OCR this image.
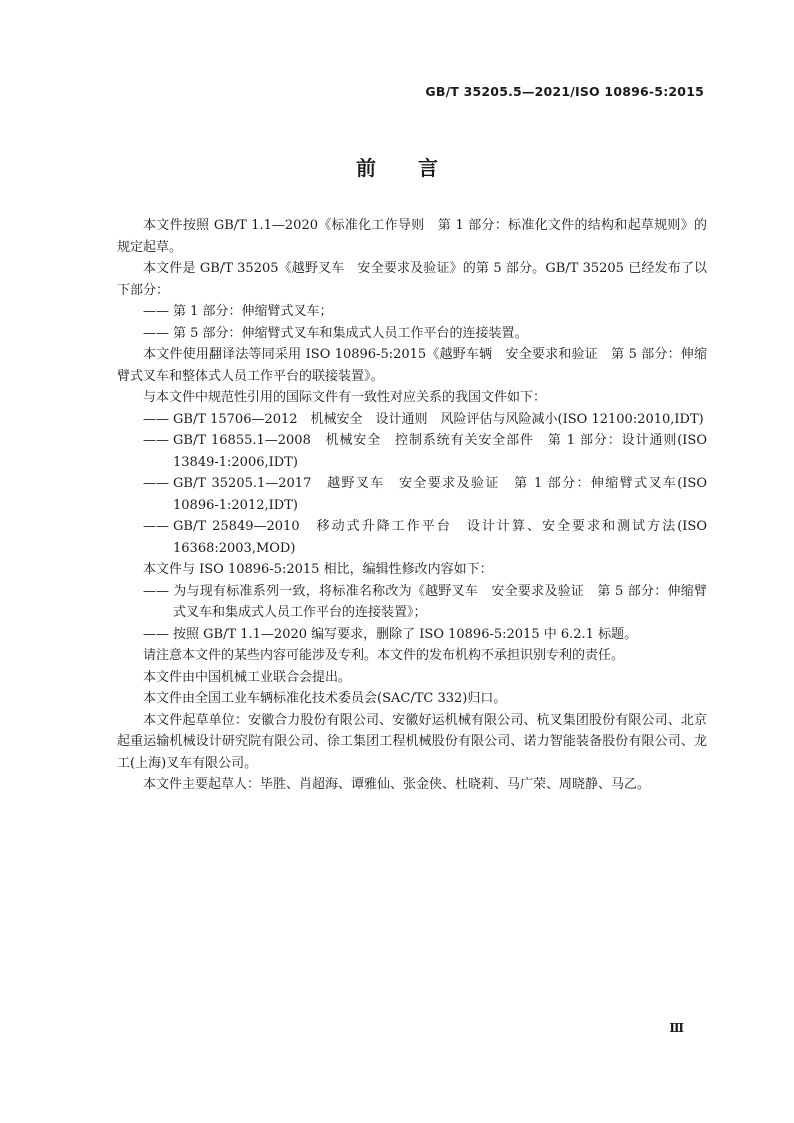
GB/T 35205.5—2021/ISO 10896-5:2015
前言

本文件按照 GB/T 1.1—2020《标准化工作导则　第 1 部分：标准化文件的结构和起草规则》的规定起草。

本文件是 GB/T 35205《越野叉车　安全要求及验证》的第 5 部分。GB/T 35205 已经发布了以下部分：

—— 第 1 部分：伸缩臂式叉车；

—— 第 5 部分：伸缩臂式叉车和集成式人员工作平台的连接装置。

本文件使用翻译法等同采用 ISO 10896-5:2015《越野车辆　安全要求和验证　第 5 部分：伸缩臂式叉车和整体式人员工作平台的联接装置》。

与本文件中规范性引用的国际文件有一致性对应关系的我国文件如下：

—— GB/T 15706—2012　机械安全　设计通则　风险评估与风险减小(ISO 12100:2010,IDT)

—— GB/T 16855.1—2008　机械安全　控制系统有关安全部件　第 1 部分：设计通则(ISO 13849-1:2006,IDT)

—— GB/T 35205.1—2017　越野叉车　安全要求及验证　第 1 部分：伸缩臂式叉车(ISO 10896-1:2012,IDT)

—— GB/T 25849—2010　移动式升降工作平台　设计计算、安全要求和测试方法(ISO 16368:2003,MOD)

本文件与 ISO 10896-5:2015 相比，编辑性修改内容如下：

—— 为与现有标准系列一致，将标准名称改为《越野叉车　安全要求及验证　第 5 部分：伸缩臂式叉车和集成式人员工作平台的连接装置》；

—— 按照 GB/T 1.1—2020 编写要求，删除了 ISO 10896-5:2015 中 6.2.1 标题。

请注意本文件的某些内容可能涉及专利。本文件的发布机构不承担识别专利的责任。

本文件由中国机械工业联合会提出。

本文件由全国工业车辆标准化技术委员会(SAC/TC 332)归口。

本文件起草单位：安徽合力股份有限公司、安徽好运机械有限公司、杭叉集团股份有限公司、北京起重运输机械设计研究院有限公司、徐工集团工程机械股份有限公司、诺力智能装备股份有限公司、龙工(上海)叉车有限公司。

本文件主要起草人：毕胜、肖超海、谭雅仙、张金侠、杜晓莉、马广荣、周晓静、马乙。

Ⅲ
